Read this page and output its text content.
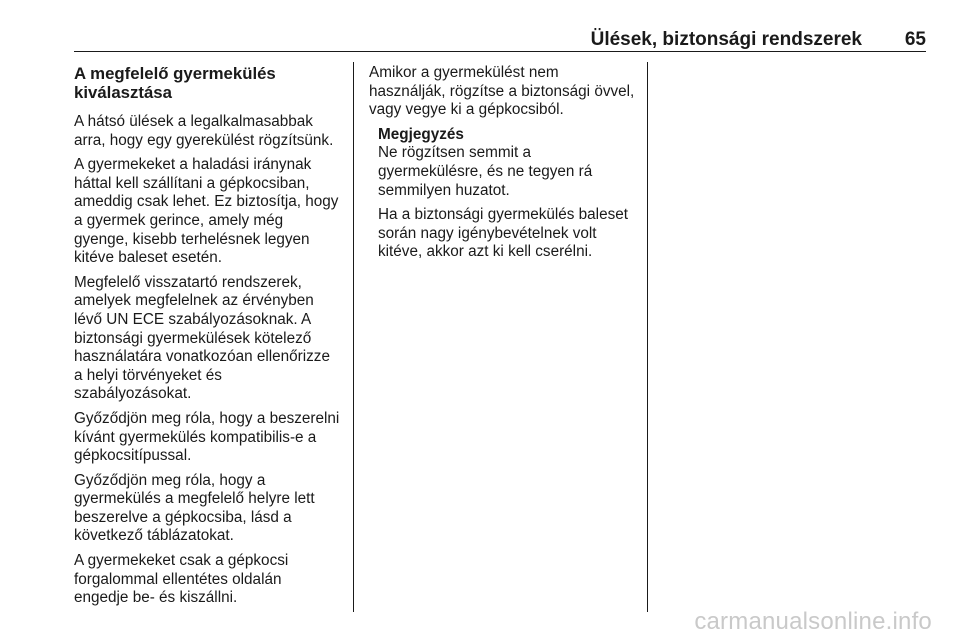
Ülések, biztonsági rendszerek 65
A megfelelő gyermekülés
kiválasztása

A hátsó ülések a legalkalmasabbak arra, hogy egy gyerekülést rögzítsünk.

A gyermekeket a haladási iránynak háttal kell szállítani a gépkocsiban, ameddig csak lehet. Ez biztosítja, hogy a gyermek gerince, amely még gyenge, kisebb terhelésnek legyen kitéve baleset esetén.

Megfelelő visszatartó rendszerek, amelyek megfelelnek az érvényben lévő UN ECE szabályozásoknak. A biztonsági gyermekülések kötelező használatára vonatkozóan ellenőrizze a helyi törvényeket és szabályozásokat.

Győződjön meg róla, hogy a beszerelni kívánt gyermekülés kompatibilis-e a gépkocsitípussal.

Győződjön meg róla, hogy a gyermekülés a megfelelő helyre lett beszerelve a gépkocsiba, lásd a következő táblázatokat.

A gyermekeket csak a gépkocsi forgalommal ellentétes oldalán engedje be- és kiszállni.

Amikor a gyermekülést nem használják, rögzítse a biztonsági övvel, vagy vegye ki a gépkocsiból.

Megjegyzés

Ne rögzítsen semmit a gyermekülésre, és ne tegyen rá semmilyen huzatot.

Ha a biztonsági gyermekülés baleset során nagy igénybevételnek volt kitéve, akkor azt ki kell cserélni.

carmanualsonline.info
